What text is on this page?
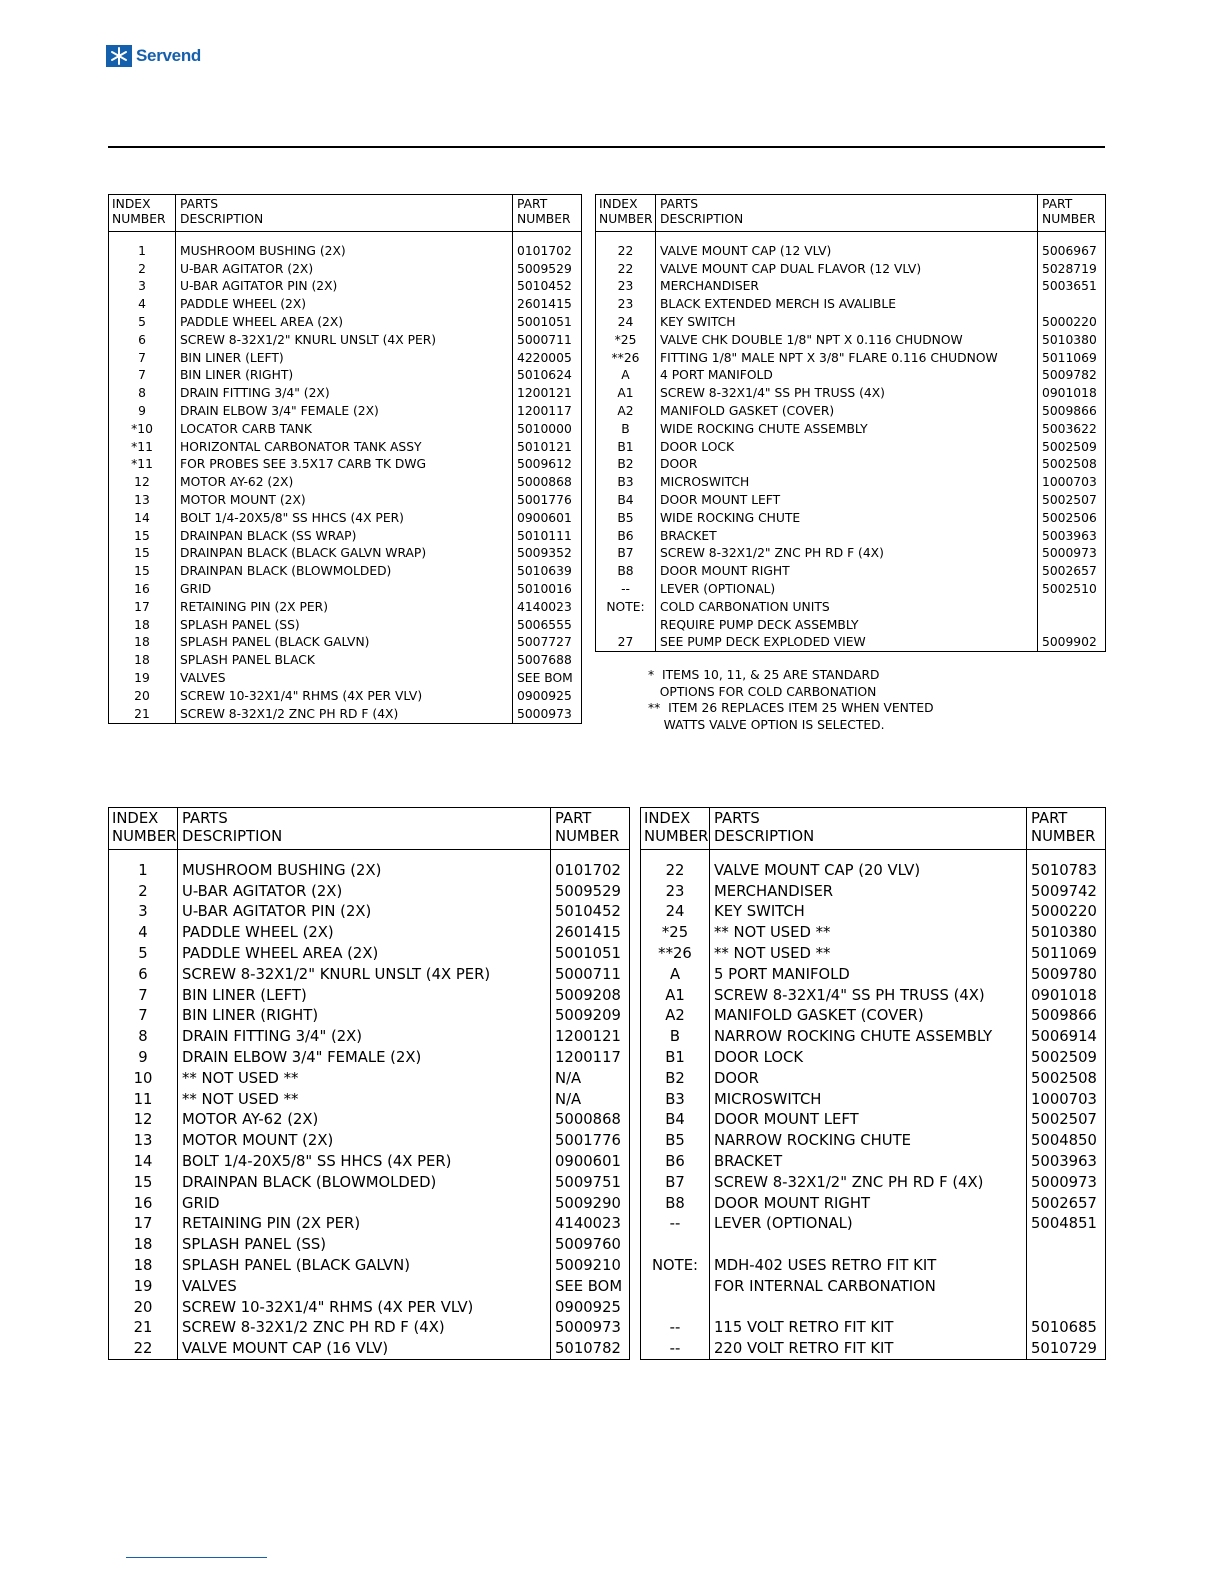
Servend
INDEX
NUMBER	PARTS
DESCRIPTION	PART
NUMBER
1	MUSHROOM BUSHING (2X)	0101702
2	U-BAR AGITATOR (2X)	5009529
3	U-BAR AGITATOR PIN (2X)	5010452
4	PADDLE WHEEL (2X)	2601415
5	PADDLE WHEEL AREA (2X)	5001051
6	SCREW 8-32X1/2" KNURL UNSLT (4X PER)	5000711
7	BIN LINER (LEFT)	4220005
7	BIN LINER (RIGHT)	5010624
8	DRAIN FITTING 3/4" (2X)	1200121
9	DRAIN ELBOW 3/4" FEMALE (2X)	1200117
*10	LOCATOR CARB TANK	5010000
*11	HORIZONTAL CARBONATOR TANK ASSY	5010121
*11	FOR PROBES SEE 3.5X17 CARB TK DWG	5009612
12	MOTOR AY-62 (2X)	5000868
13	MOTOR MOUNT (2X)	5001776
14	BOLT 1/4-20X5/8" SS HHCS (4X PER)	0900601
15	DRAINPAN BLACK (SS WRAP)	5010111
15	DRAINPAN BLACK (BLACK GALVN WRAP)	5009352
15	DRAINPAN BLACK (BLOWMOLDED)	5010639
16	GRID	5010016
17	RETAINING PIN (2X PER)	4140023
18	SPLASH PANEL (SS)	5006555
18	SPLASH PANEL (BLACK GALVN)	5007727
18	SPLASH PANEL BLACK	5007688
19	VALVES	SEE BOM
20	SCREW 10-32X1/4" RHMS (4X PER VLV)	0900925
21	SCREW 8-32X1/2 ZNC PH RD F (4X)	5000973
INDEX
NUMBER	PARTS
DESCRIPTION	PART
NUMBER
22	VALVE MOUNT CAP (12 VLV)	5006967
22	VALVE MOUNT CAP DUAL FLAVOR (12 VLV)	5028719
23	MERCHANDISER	5003651
23	BLACK EXTENDED MERCH IS AVALIBLE	
24	KEY SWITCH	5000220
*25	VALVE CHK DOUBLE 1/8" NPT X 0.116 CHUDNOW	5010380
**26	FITTING 1/8" MALE NPT X 3/8" FLARE 0.116 CHUDNOW	5011069
A	4 PORT MANIFOLD	5009782
A1	SCREW 8-32X1/4" SS PH TRUSS (4X)	0901018
A2	MANIFOLD GASKET (COVER)	5009866
B	WIDE ROCKING CHUTE ASSEMBLY	5003622
B1	DOOR LOCK	5002509
B2	DOOR	5002508
B3	MICROSWITCH	1000703
B4	DOOR MOUNT LEFT	5002507
B5	WIDE ROCKING CHUTE	5002506
B6	BRACKET	5003963
B7	SCREW 8-32X1/2" ZNC PH RD F (4X)	5000973
B8	DOOR MOUNT RIGHT	5002657
--	LEVER (OPTIONAL)	5002510
NOTE:	COLD CARBONATION UNITS	
	REQUIRE PUMP DECK ASSEMBLY	
27	SEE PUMP DECK EXPLODED VIEW	5009902
*  ITEMS 10, 11, & 25 ARE STANDARD
OPTIONS FOR COLD CARBONATION
**  ITEM 26 REPLACES ITEM 25 WHEN VENTED
WATTS VALVE OPTION IS SELECTED.
INDEX
NUMBER	PARTS
DESCRIPTION	PART
NUMBER
1	MUSHROOM BUSHING (2X)	0101702
2	U-BAR AGITATOR (2X)	5009529
3	U-BAR AGITATOR PIN (2X)	5010452
4	PADDLE WHEEL (2X)	2601415
5	PADDLE WHEEL AREA (2X)	5001051
6	SCREW 8-32X1/2" KNURL UNSLT (4X PER)	5000711
7	BIN LINER (LEFT)	5009208
7	BIN LINER (RIGHT)	5009209
8	DRAIN FITTING 3/4" (2X)	1200121
9	DRAIN ELBOW 3/4" FEMALE (2X)	1200117
10	** NOT USED **	N/A
11	** NOT USED **	N/A
12	MOTOR AY-62 (2X)	5000868
13	MOTOR MOUNT (2X)	5001776
14	BOLT 1/4-20X5/8" SS HHCS (4X PER)	0900601
15	DRAINPAN BLACK (BLOWMOLDED)	5009751
16	GRID	5009290
17	RETAINING PIN (2X PER)	4140023
18	SPLASH PANEL (SS)	5009760
18	SPLASH PANEL (BLACK GALVN)	5009210
19	VALVES	SEE BOM
20	SCREW 10-32X1/4" RHMS (4X PER VLV)	0900925
21	SCREW 8-32X1/2 ZNC PH RD F (4X)	5000973
22	VALVE MOUNT CAP (16 VLV)	5010782
INDEX
NUMBER	PARTS
DESCRIPTION	PART
NUMBER
22	VALVE MOUNT CAP (20 VLV)	5010783
23	MERCHANDISER	5009742
24	KEY SWITCH	5000220
*25	** NOT USED **	5010380
**26	** NOT USED **	5011069
A	5 PORT MANIFOLD	5009780
A1	SCREW 8-32X1/4" SS PH TRUSS (4X)	0901018
A2	MANIFOLD GASKET (COVER)	5009866
B	NARROW ROCKING CHUTE ASSEMBLY	5006914
B1	DOOR LOCK	5002509
B2	DOOR	5002508
B3	MICROSWITCH	1000703
B4	DOOR MOUNT LEFT	5002507
B5	NARROW ROCKING CHUTE	5004850
B6	BRACKET	5003963
B7	SCREW 8-32X1/2" ZNC PH RD F (4X)	5000973
B8	DOOR MOUNT RIGHT	5002657
--	LEVER (OPTIONAL)	5004851

NOTE:	MDH-402 USES RETRO FIT KIT	
	FOR INTERNAL CARBONATION	

--	115 VOLT RETRO FIT KIT	5010685
--	220 VOLT RETRO FIT KIT	5010729
